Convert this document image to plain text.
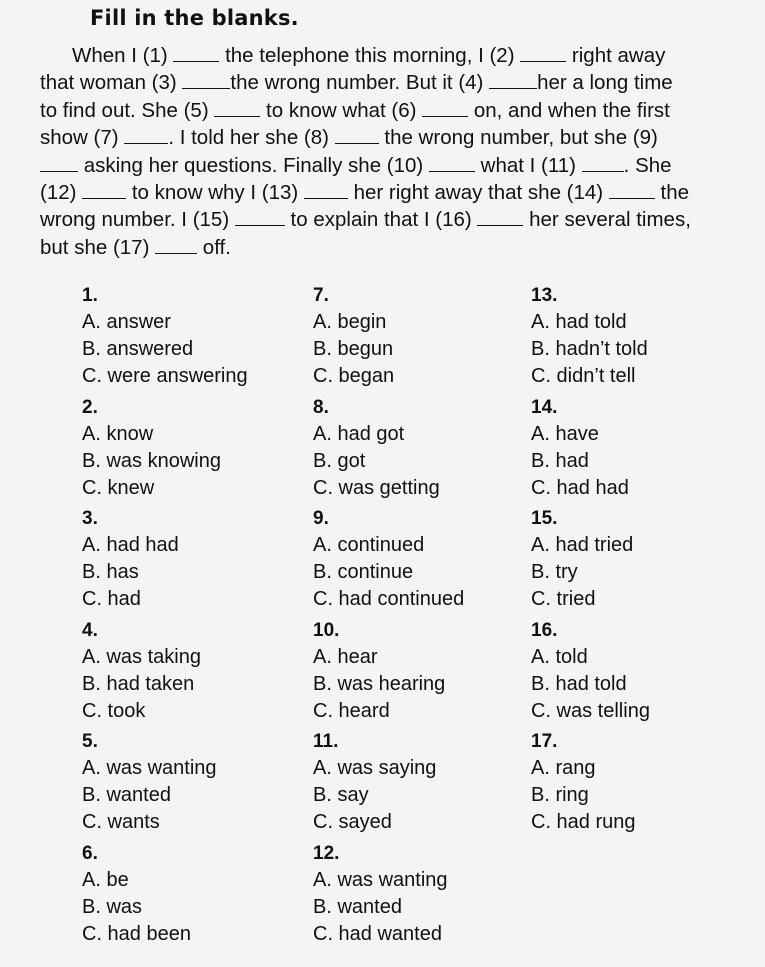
Fill in the blanks.
When I (1)  the telephone this morning, I (2)  right away
that woman (3) the wrong number. But it (4) her a long time
to find out. She (5)  to know what (6)  on, and when the first
show (7) . I told her she (8)  the wrong number, but she (9)
asking her questions. Finally she (10)  what I (11) . She
(12)  to know why I (13)  her right away that she (14)  the
wrong number. I (15)  to explain that I (16)  her several times,
but she (17)  off.
1.
A. answer
B. answered
C. were answering
2.
A. know
B. was knowing
C. knew
3.
A. had had
B. has
C. had
4.
A. was taking
B. had taken
C. took
5.
A. was wanting
B. wanted
C. wants
6.
A. be
B. was
C. had been
7.
A. begin
B. begun
C. began
8.
A. had got
B. got
C. was getting
9.
A. continued
B. continue
C. had continued
10.
A. hear
B. was hearing
C. heard
11.
A. was saying
B. say
C. sayed
12.
A. was wanting
B. wanted
C. had wanted
13.
A. had told
B. hadn’t told
C. didn’t tell
14.
A. have
B. had
C. had had
15.
A. had tried
B. try
C. tried
16.
A. told
B. had told
C. was telling
17.
A. rang
B. ring
C. had rung
